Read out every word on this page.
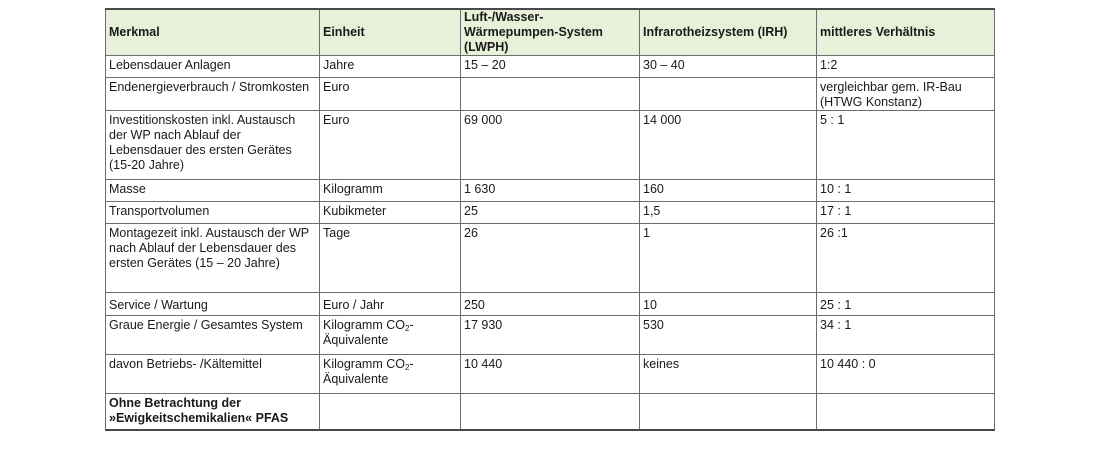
Merkmal	Einheit	Luft-/Wasser-Wärmepumpen-System (LWPH)	Infrarotheizsystem (IRH)	mittleres Verhältnis
Lebensdauer Anlagen	Jahre	15 – 20	30 – 40	1:2
Endenergieverbrauch / Stromkosten	Euro			vergleichbar gem. IR-Bau (HTWG Konstanz)
Investitionskosten inkl. Austausch der WP nach Ablauf der Lebensdauer des ersten Gerätes (15-20 Jahre)	Euro	69 000	14 000	5 : 1
Masse	Kilogramm	1 630	160	10 : 1
Transportvolumen	Kubikmeter	25	1,5	17 : 1
Montagezeit inkl. Austausch der WP nach Ablauf der Lebensdauer des ersten Gerätes (15 – 20 Jahre)	Tage	26	1	26 :1
Service / Wartung	Euro / Jahr	250	10	25 : 1
Graue Energie / Gesamtes System	Kilogramm $CO_2$-Äquivalente	17 930	530	34 : 1
davon Betriebs- /Kältemittel	Kilogramm $CO_2$-Äquivalente	10 440	keines	10 440 : 0
Ohne Betrachtung der »Ewigkeitschemikalien« PFAS				
